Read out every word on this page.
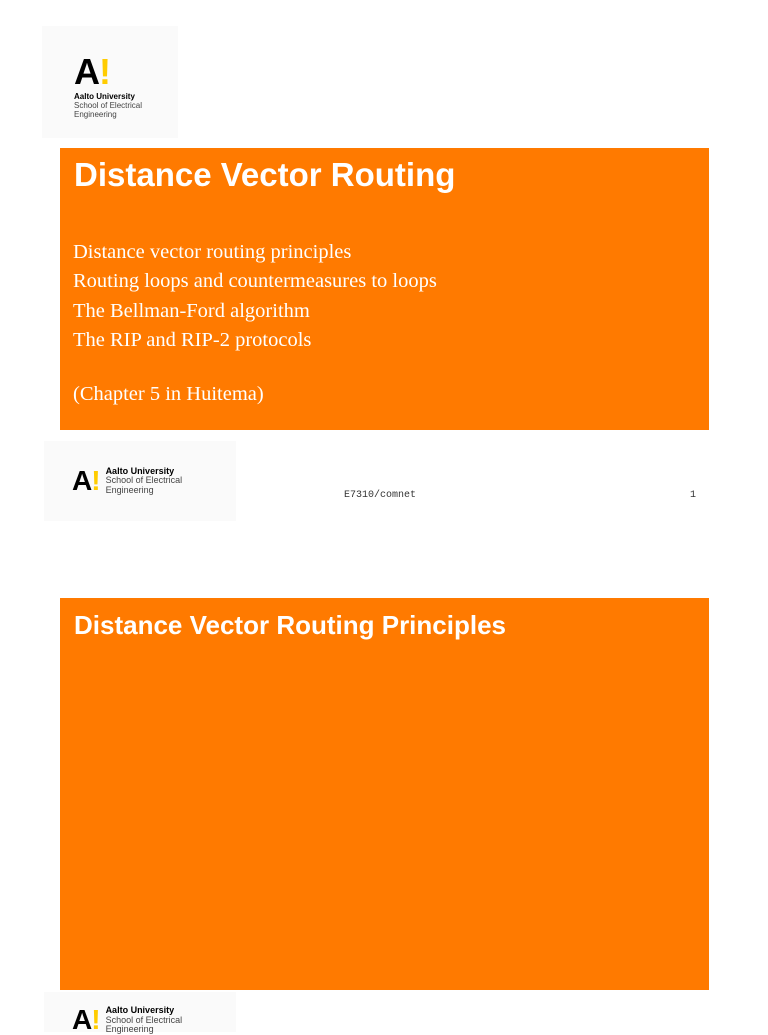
A!
Aalto University
School of Electrical
Engineering
Distance Vector Routing
Distance vector routing principles
Routing loops and countermeasures to loops
The Bellman-Ford algorithm
The RIP and RIP-2 protocols
(Chapter 5 in Huitema)
A! Aalto University
School of Electrical
Engineering
E7310/comnet	1
Distance Vector Routing Principles
A! Aalto University
School of Electrical
Engineering
